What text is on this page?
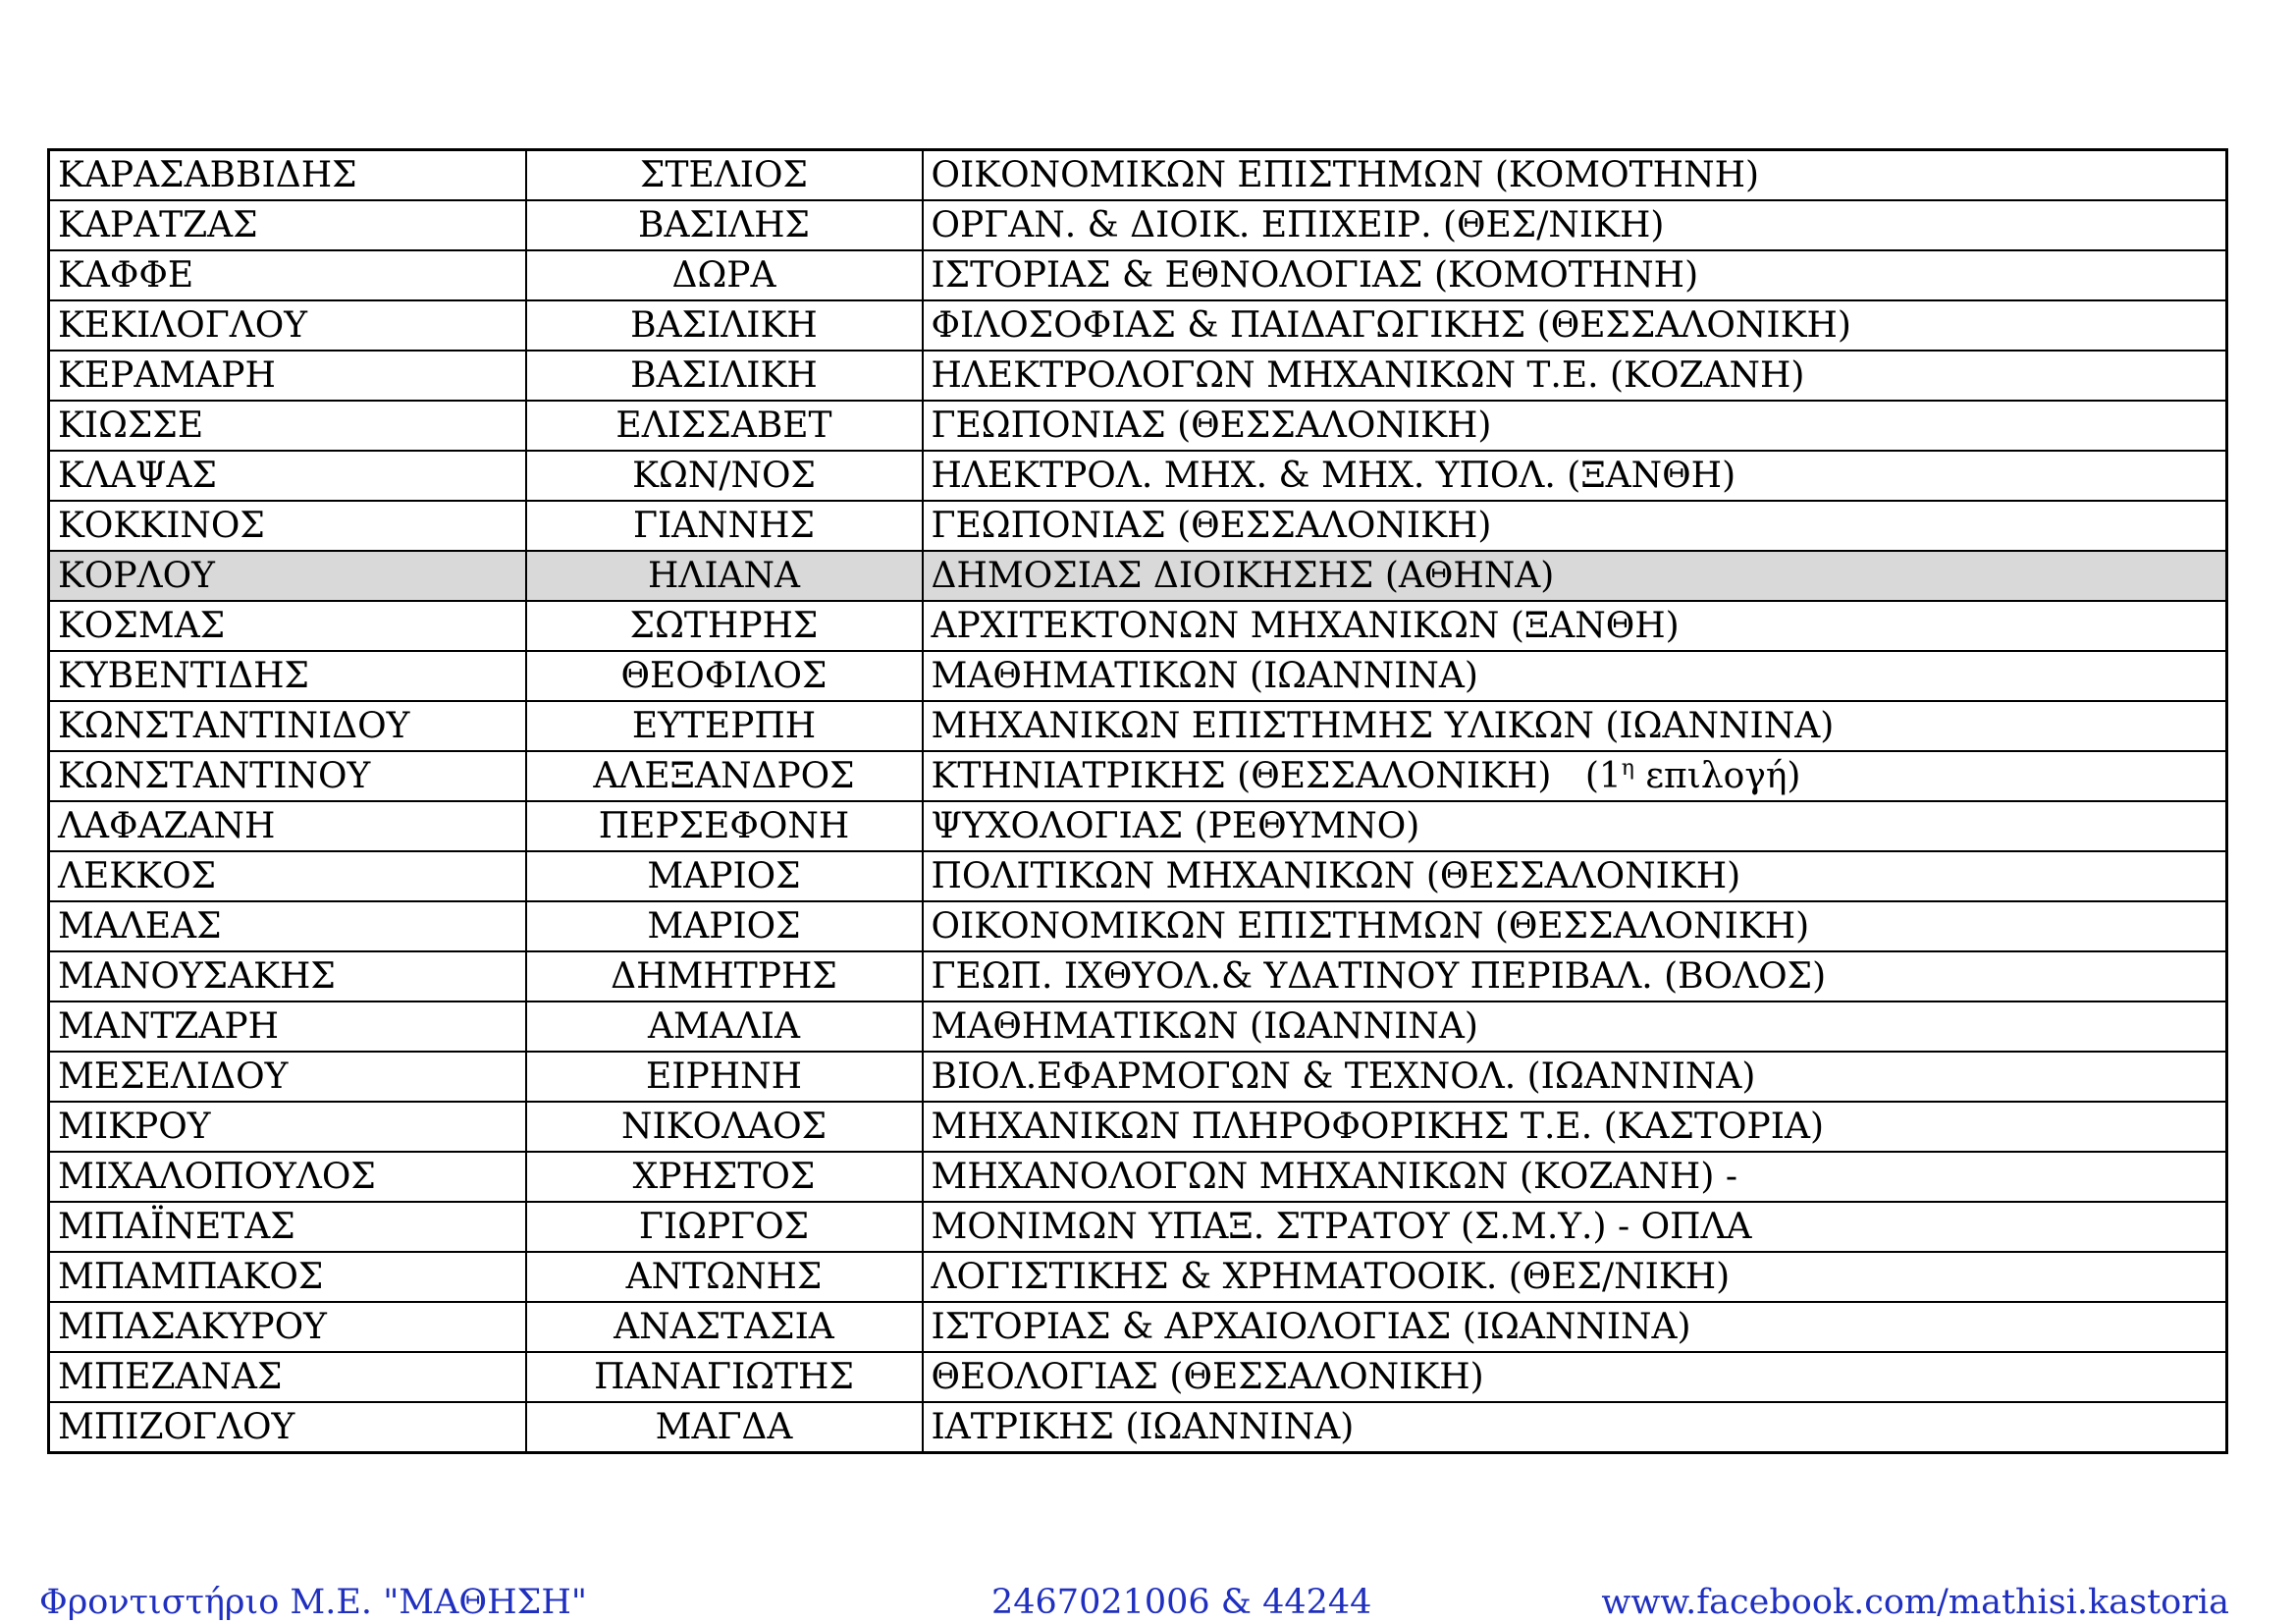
ΚΑΡΑΣΑΒΒΙΔΗΣ	ΣΤΕΛΙΟΣ	ΟΙΚΟΝΟΜΙΚΩΝ ΕΠΙΣΤΗΜΩΝ (ΚΟΜΟΤΗΝΗ)
ΚΑΡΑΤΖΑΣ	ΒΑΣΙΛΗΣ	ΟΡΓΑΝ. & ΔΙΟΙΚ. ΕΠΙΧΕΙΡ. (ΘΕΣ/ΝΙΚΗ)
ΚΑΦΦΕ	ΔΩΡΑ	ΙΣΤΟΡΙΑΣ & ΕΘΝΟΛΟΓΙΑΣ (ΚΟΜΟΤΗΝΗ)
ΚΕΚΙΛΟΓΛΟΥ	ΒΑΣΙΛΙΚΗ	ΦΙΛΟΣΟΦΙΑΣ & ΠΑΙΔΑΓΩΓΙΚΗΣ (ΘΕΣΣΑΛΟΝΙΚΗ)
ΚΕΡΑΜΑΡΗ	ΒΑΣΙΛΙΚΗ	ΗΛΕΚΤΡΟΛΟΓΩΝ ΜΗΧΑΝΙΚΩΝ Τ.Ε. (ΚΟΖΑΝΗ)
ΚΙΩΣΣΕ	ΕΛΙΣΣΑΒΕΤ	ΓΕΩΠΟΝΙΑΣ (ΘΕΣΣΑΛΟΝΙΚΗ)
ΚΛΑΨΑΣ	ΚΩΝ/ΝΟΣ	ΗΛΕΚΤΡΟΛ. ΜΗΧ. & ΜΗΧ. ΥΠΟΛ. (ΞΑΝΘΗ)
ΚΟΚΚΙΝΟΣ	ΓΙΑΝΝΗΣ	ΓΕΩΠΟΝΙΑΣ (ΘΕΣΣΑΛΟΝΙΚΗ)
ΚΟΡΛΟΥ	ΗΛΙΑΝΑ	ΔΗΜΟΣΙΑΣ ΔΙΟΙΚΗΣΗΣ (ΑΘΗΝΑ)
ΚΟΣΜΑΣ	ΣΩΤΗΡΗΣ	ΑΡΧΙΤΕΚΤΟΝΩΝ ΜΗΧΑΝΙΚΩΝ (ΞΑΝΘΗ)
ΚΥΒΕΝΤΙΔΗΣ	ΘΕΟΦΙΛΟΣ	ΜΑΘΗΜΑΤΙΚΩΝ (ΙΩΑΝΝΙΝΑ)
ΚΩΝΣΤΑΝΤΙΝΙΔΟΥ	ΕΥΤΕΡΠΗ	ΜΗΧΑΝΙΚΩΝ ΕΠΙΣΤΗΜΗΣ ΥΛΙΚΩΝ (ΙΩΑΝΝΙΝΑ)
ΚΩΝΣΤΑΝΤΙΝΟΥ	ΑΛΕΞΑΝΔΡΟΣ	ΚΤΗΝΙΑΤΡΙΚΗΣ (ΘΕΣΣΑΛΟΝΙΚΗ) ($1^\eta$ επιλογή)
ΛΑΦΑΖΑΝΗ	ΠΕΡΣΕΦΟΝΗ	ΨΥΧΟΛΟΓΙΑΣ (ΡΕΘΥΜΝΟ)
ΛΕΚΚΟΣ	ΜΑΡΙΟΣ	ΠΟΛΙΤΙΚΩΝ ΜΗΧΑΝΙΚΩΝ (ΘΕΣΣΑΛΟΝΙΚΗ)
ΜΑΛΕΑΣ	ΜΑΡΙΟΣ	ΟΙΚΟΝΟΜΙΚΩΝ ΕΠΙΣΤΗΜΩΝ (ΘΕΣΣΑΛΟΝΙΚΗ)
ΜΑΝΟΥΣΑΚΗΣ	ΔΗΜΗΤΡΗΣ	ΓΕΩΠ. ΙΧΘΥΟΛ.& ΥΔΑΤΙΝΟΥ ΠΕΡΙΒΑΛ. (ΒΟΛΟΣ)
ΜΑΝΤΖΑΡΗ	ΑΜΑΛΙΑ	ΜΑΘΗΜΑΤΙΚΩΝ (ΙΩΑΝΝΙΝΑ)
ΜΕΣΕΛΙΔΟΥ	ΕΙΡΗΝΗ	ΒΙΟΛ.ΕΦΑΡΜΟΓΩΝ & ΤΕΧΝΟΛ. (ΙΩΑΝΝΙΝΑ)
ΜΙΚΡΟΥ	ΝΙΚΟΛΑΟΣ	ΜΗΧΑΝΙΚΩΝ ΠΛΗΡΟΦΟΡΙΚΗΣ Τ.Ε. (ΚΑΣΤΟΡΙΑ)
ΜΙΧΑΛΟΠΟΥΛΟΣ	ΧΡΗΣΤΟΣ	ΜΗΧΑΝΟΛΟΓΩΝ ΜΗΧΑΝΙΚΩΝ (ΚΟΖΑΝΗ) -
ΜΠΑΪΝΕΤΑΣ	ΓΙΩΡΓΟΣ	ΜΟΝΙΜΩΝ ΥΠΑΞ. ΣΤΡΑΤΟΥ (Σ.Μ.Υ.) - ΟΠΛΑ
ΜΠΑΜΠΑΚΟΣ	ΑΝΤΩΝΗΣ	ΛΟΓΙΣΤΙΚΗΣ & ΧΡΗΜΑΤΟΟΙΚ. (ΘΕΣ/ΝΙΚΗ)
ΜΠΑΣΑΚΥΡΟΥ	ΑΝΑΣΤΑΣΙΑ	ΙΣΤΟΡΙΑΣ & ΑΡΧΑΙΟΛΟΓΙΑΣ (ΙΩΑΝΝΙΝΑ)
ΜΠΕΖΑΝΑΣ	ΠΑΝΑΓΙΩΤΗΣ	ΘΕΟΛΟΓΙΑΣ (ΘΕΣΣΑΛΟΝΙΚΗ)
ΜΠΙΖΟΓΛΟΥ	ΜΑΓΔΑ	ΙΑΤΡΙΚΗΣ (ΙΩΑΝΝΙΝΑ)
Φροντιστήριο Μ.Ε. "ΜΑΘΗΣΗ"	2467021006 & 44244	www.facebook.com/mathisi.kastoria
